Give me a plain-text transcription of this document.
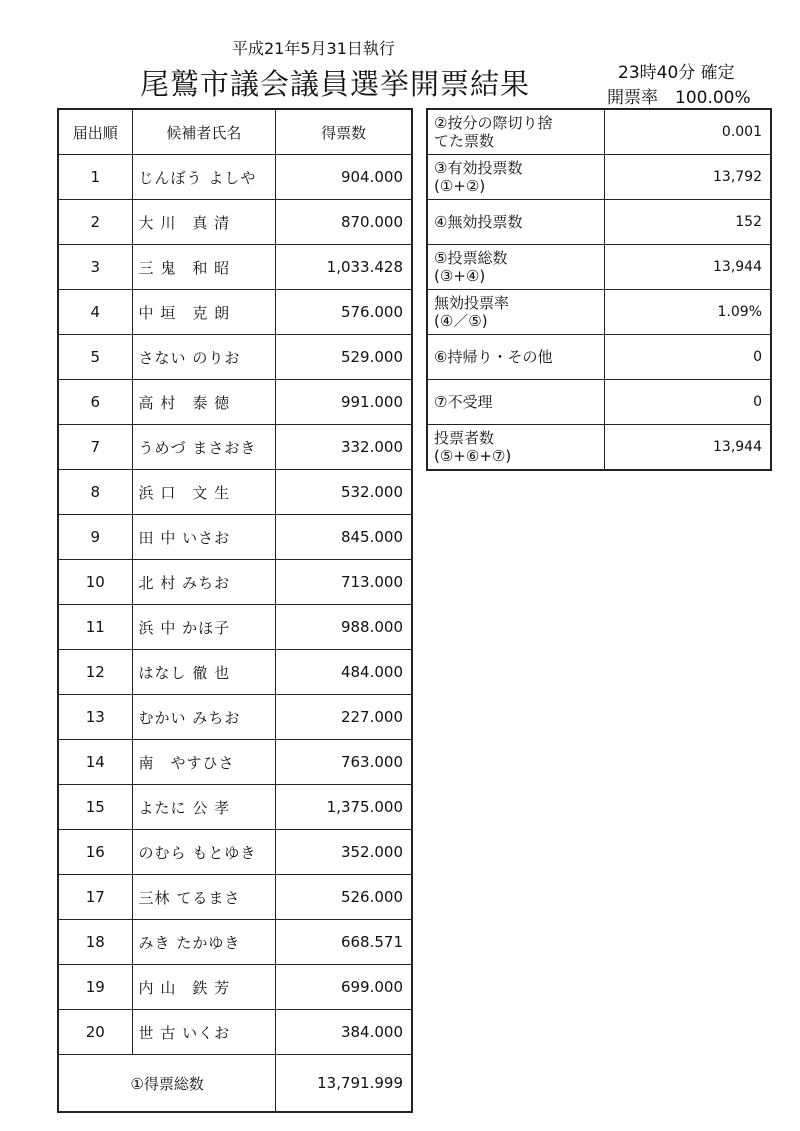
平成21年5月31日執行
尾鷲市議会議員選挙開票結果	23時40分 確定
開票率　100.00%
届出順	候補者氏名	得票数
1	じんぼう よしや	904.000
2	大 川　真 清	870.000
3	三 鬼　和 昭	1,033.428
4	中 垣　克 朗	576.000
5	さない のりお	529.000
6	高 村　泰 徳	991.000
7	うめづ まさおき	332.000
8	浜 口　文 生	532.000
9	田 中 いさお	845.000
10	北 村 みちお	713.000
11	浜 中 かほ子	988.000
12	はなし 徹 也	484.000
13	むかい みちお	227.000
14	南　やすひさ	763.000
15	よたに 公 孝	1,375.000
16	のむら もとゆき	352.000
17	三林 てるまさ	526.000
18	みき たかゆき	668.571
19	内 山　鉄 芳	699.000
20	世 古 いくお	384.000
①得票総数		13,791.999
②按分の際切り捨
てた票数	0.001

③有効投票数
(①+②)	13,792

④無効投票数	152

⑤投票総数
(③+④)	13,944

無効投票率
(④／⑤)	1.09%

⑥持帰り・その他	0

⑦不受理	0

投票者数
(⑤+⑥+⑦)	13,944
